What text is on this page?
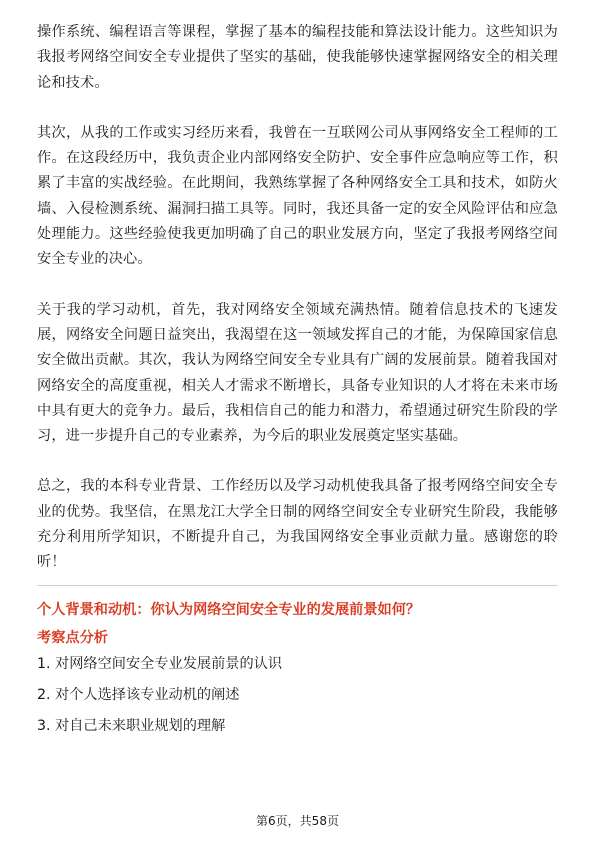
操作系统、编程语言等课程，掌握了基本的编程技能和算法设计能力。这些知识为我报考网络空间安全专业提供了坚实的基础，使我能够快速掌握网络安全的相关理论和技术。

其次，从我的工作或实习经历来看，我曾在一互联网公司从事网络安全工程师的工作。在这段经历中，我负责企业内部网络安全防护、安全事件应急响应等工作，积累了丰富的实战经验。在此期间，我熟练掌握了各种网络安全工具和技术，如防火墙、入侵检测系统、漏洞扫描工具等。同时，我还具备一定的安全风险评估和应急处理能力。这些经验使我更加明确了自己的职业发展方向，坚定了我报考网络空间安全专业的决心。

关于我的学习动机，首先，我对网络安全领域充满热情。随着信息技术的飞速发展，网络安全问题日益突出，我渴望在这一领域发挥自己的才能，为保障国家信息安全做出贡献。其次，我认为网络空间安全专业具有广阔的发展前景。随着我国对网络安全的高度重视，相关人才需求不断增长，具备专业知识的人才将在未来市场中具有更大的竞争力。最后，我相信自己的能力和潜力，希望通过研究生阶段的学习，进一步提升自己的专业素养，为今后的职业发展奠定坚实基础。

总之，我的本科专业背景、工作经历以及学习动机使我具备了报考网络空间安全专业的优势。我坚信，在黑龙江大学全日制的网络空间安全专业研究生阶段，我能够充分利用所学知识，不断提升自己，为我国网络安全事业贡献力量。感谢您的聆听！

个人背景和动机：你认为网络空间安全专业的发展前景如何？
考察点分析
1. 对网络空间安全专业发展前景的认识
2. 对个人选择该专业动机的阐述
3. 对自己未来职业规划的理解
第6页，共58页
